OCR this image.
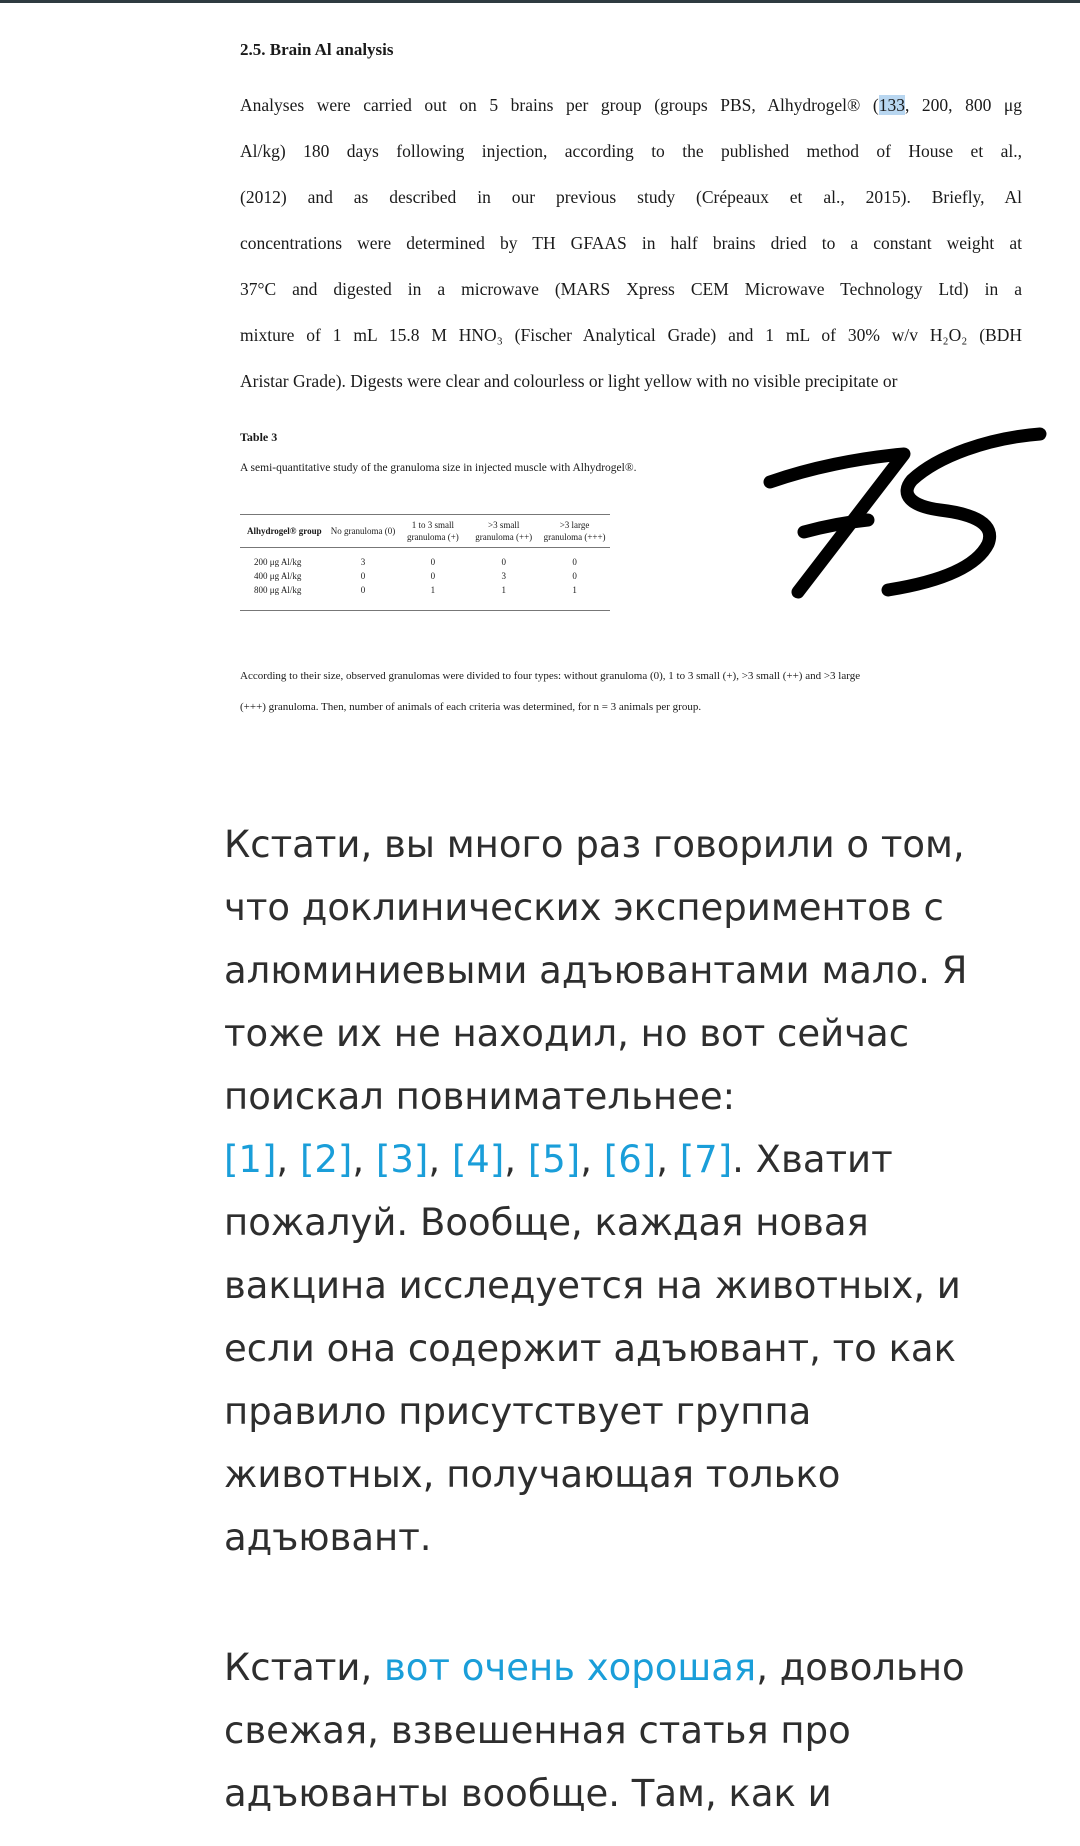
2.5. Brain Al analysis
Analyses were carried out on 5 brains per group (groups PBS, Alhydrogel® (133, 200, 800 μg
Al/kg) 180 days following injection, according to the published method of House et al.,
(2012) and as described in our previous study (Crépeaux et al., 2015). Briefly, Al
concentrations were determined by TH GFAAS in half brains dried to a constant weight at
37°C and digested in a microwave (MARS Xpress CEM Microwave Technology Ltd) in a
mixture of 1 mL 15.8 M HNO₃ (Fischer Analytical Grade) and 1 mL of 30% w/v H₂O₂ (BDH
Aristar Grade). Digests were clear and colourless or light yellow with no visible precipitate or
Table 3
A semi-quantitative study of the granuloma size in injected muscle with Alhydrogel®.
Alhydrogel® group	No granuloma (0)	1 to 3 small granuloma (+)	>3 small granuloma (++)	>3 large granuloma (+++)
200 μg Al/kg	3	0	0	0
400 μg Al/kg	0	0	3	0
800 μg Al/kg	0	1	1	1
According to their size, observed granulomas were divided to four types: without granuloma (0), 1 to 3 small (+), >3 small (++) and >3 large
(+++) granuloma. Then, number of animals of each criteria was determined, for n = 3 animals per group.
Кстати, вы много раз говорили о том,
что доклинических экспериментов с
алюминиевыми адъювантами мало. Я
тоже их не находил, но вот сейчас
поискал повнимательнее:
[1], [2], [3], [4], [5], [6], [7]. Хватит
пожалуй. Вообще, каждая новая
вакцина исследуется на животных, и
если она содержит адъювант, то как
правило присутствует группа
животных, получающая только
адъювант.
Кстати, вот очень хорошая, довольно
свежая, взвешенная статья про
адъюванты вообще. Там, как и
